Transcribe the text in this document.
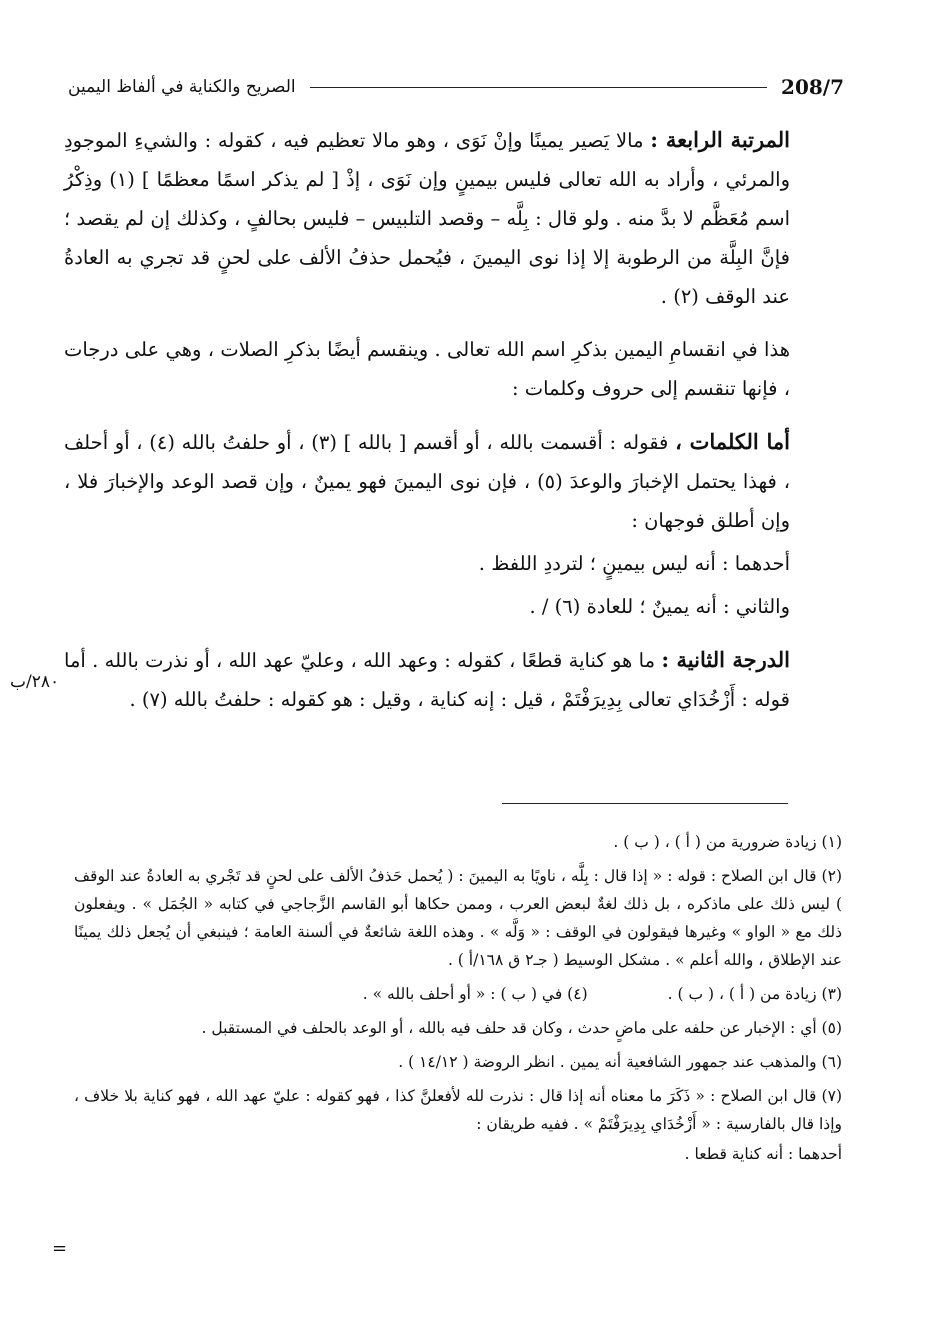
208/7
الصريح والكناية في ألفاظ اليمين

المرتبة الرابعة : مالا يَصير يمينًا وإنْ نَوَى ، وهو مالا تعظيم فيه ، كقوله : والشيءِ الموجودِ والمرئي ، وأراد به الله تعالى فليس بيمينٍ وإن نَوَى ، إذْ [ لم يذكر اسمًا معظمًا ] (١) وذِكْرُ اسم مُعَظَّم لا بدَّ منه . ولو قال : بِلَّه – وقصد التلبيس – فليس بحالفٍ ، وكذلك إن لم يقصد ؛ فإنَّ البِلَّة من الرطوبة إلا إذا نوى اليمينَ ، فيُحمل حذفُ الألف على لحنٍ قد تجري به العادةُ عند الوقف (٢) .

هذا في انقسامِ اليمين بذكرِ اسم الله تعالى . وينقسم أيضًا بذكرِ الصلات ، وهي على درجات ، فإنها تنقسم إلى حروف وكلمات :

أما الكلمات ، فقوله : أقسمت بالله ، أو أقسم [ بالله ] (٣) ، أو حلفتُ بالله (٤) ، أو أحلف ، فهذا يحتمل الإخبارَ والوعدَ (٥) ، فإن نوى اليمينَ فهو يمينٌ ، وإن قصد الوعد والإخبارَ فلا ، وإن أطلق فوجهان :

أحدهما : أنه ليس بيمينٍ ؛ لترددِ اللفظ .

والثاني : أنه يمينٌ ؛ للعادة (٦) / .

الدرجة الثانية : ما هو كناية قطعًا ، كقوله : وعهد الله ، وعليّ عهد الله ، أو نذرت بالله . أما قوله : أَزْخُدَاي تعالى بِدِيرَفْتَمْ ، قيل : إنه كناية ، وقيل : هو كقوله : حلفتُ بالله (٧) .

٢٨٠/ب

(١) زيادة ضرورية من ( أ ) ، ( ب ) .

(٢) قال ابن الصلاح : قوله : « إذا قال : بِلَّه ، ناويًا به اليمينَ : ( يُحمل حَذفُ الألف على لحنٍ قد تَجْري به العادةُ عند الوقف ) ليس ذلك على ماذكره ، بل ذلك لغةٌ لبعض العرب ، وممن حكاها أبو القاسم الزَّجاجي في كتابه « الجُمَل » . ويفعلون ذلك مع « الواو » وغيرها فيقولون في الوقف : « وَلَّه » . وهذه اللغة شائعةٌ في ألسنة العامة ؛ فينبغي أن يُجعل ذلك يمينًا عند الإطلاق ، والله أعلم » . مشكل الوسيط ( جـ٢ ق ١٦٨/أ ) .

(٣) زيادة من ( أ ) ، ( ب ) .
(٤) في ( ب ) : « أو أحلف بالله » .

(٥) أي : الإخبار عن حلفه على ماضٍ حدث ، وكان قد حلف فيه بالله ، أو الوعد بالحلف في المستقبل .

(٦) والمذهب عند جمهور الشافعية أنه يمين . انظر الروضة ( ١٤/١٢ ) .

(٧) قال ابن الصلاح : « ذَكَرَ ما معناه أنه إذا قال : نذرت لله لأفعلنَّ كذا ، فهو كقوله : عليّ عهد الله ، فهو كناية بلا خلاف ، وإذا قال بالفارسية : « أَزْخُدَاي بِدِيرَفْتَمْ » . ففيه طريقان :

أحدهما : أنه كناية قطعا .

=
